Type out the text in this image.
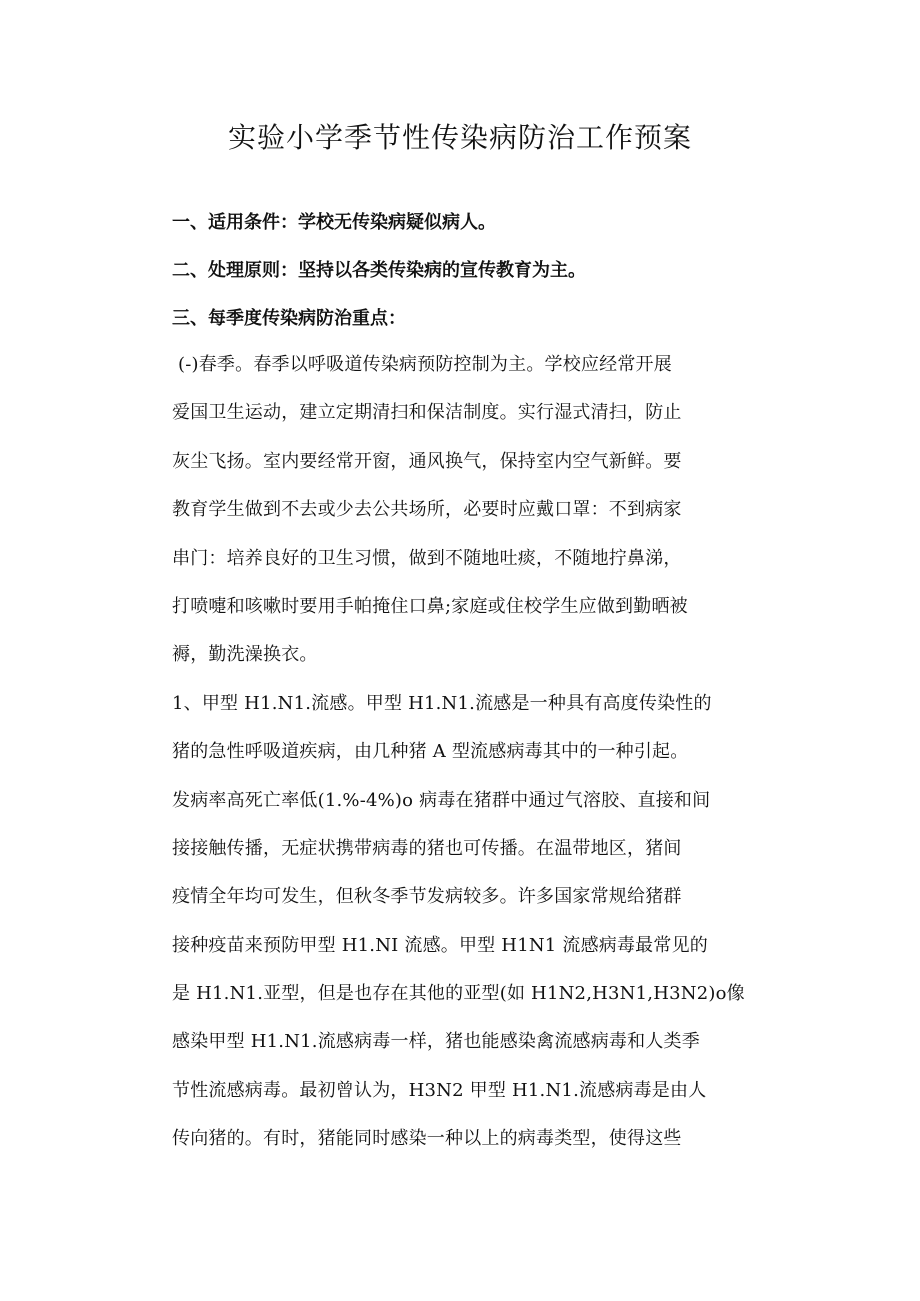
实验小学季节性传染病防治工作预案
一、适用条件：学校无传染病疑似病人。
二、处理原则：坚持以各类传染病的宣传教育为主。
三、每季度传染病防治重点：
(-)春季。春季以呼吸道传染病预防控制为主。学校应经常开展
爱国卫生运动，建立定期清扫和保洁制度。实行湿式清扫，防止
灰尘飞扬。室内要经常开窗，通风换气，保持室内空气新鲜。要
教育学生做到不去或少去公共场所，必要时应戴口罩：不到病家
串门：培养良好的卫生习惯，做到不随地吐痰，不随地拧鼻涕，
打喷嚏和咳嗽时要用手帕掩住口鼻;家庭或住校学生应做到勤晒被
褥，勤洗澡换衣。
1、甲型 H1.N1.流感。甲型 H1.N1.流感是一种具有高度传染性的
猪的急性呼吸道疾病，由几种猪 A 型流感病毒其中的一种引起。
发病率高死亡率低(1.%-4%)o 病毒在猪群中通过气溶胶、直接和间
接接触传播，无症状携带病毒的猪也可传播。在温带地区，猪间
疫情全年均可发生，但秋冬季节发病较多。许多国家常规给猪群
接种疫苗来预防甲型 H1.NI 流感。甲型 H1N1 流感病毒最常见的
是 H1.N1.亚型，但是也存在其他的亚型(如 H1N2,H3N1,H3N2)o像
感染甲型 H1.N1.流感病毒一样，猪也能感染禽流感病毒和人类季
节性流感病毒。最初曾认为，H3N2 甲型 H1.N1.流感病毒是由人
传向猪的。有时，猪能同时感染一种以上的病毒类型，使得这些
